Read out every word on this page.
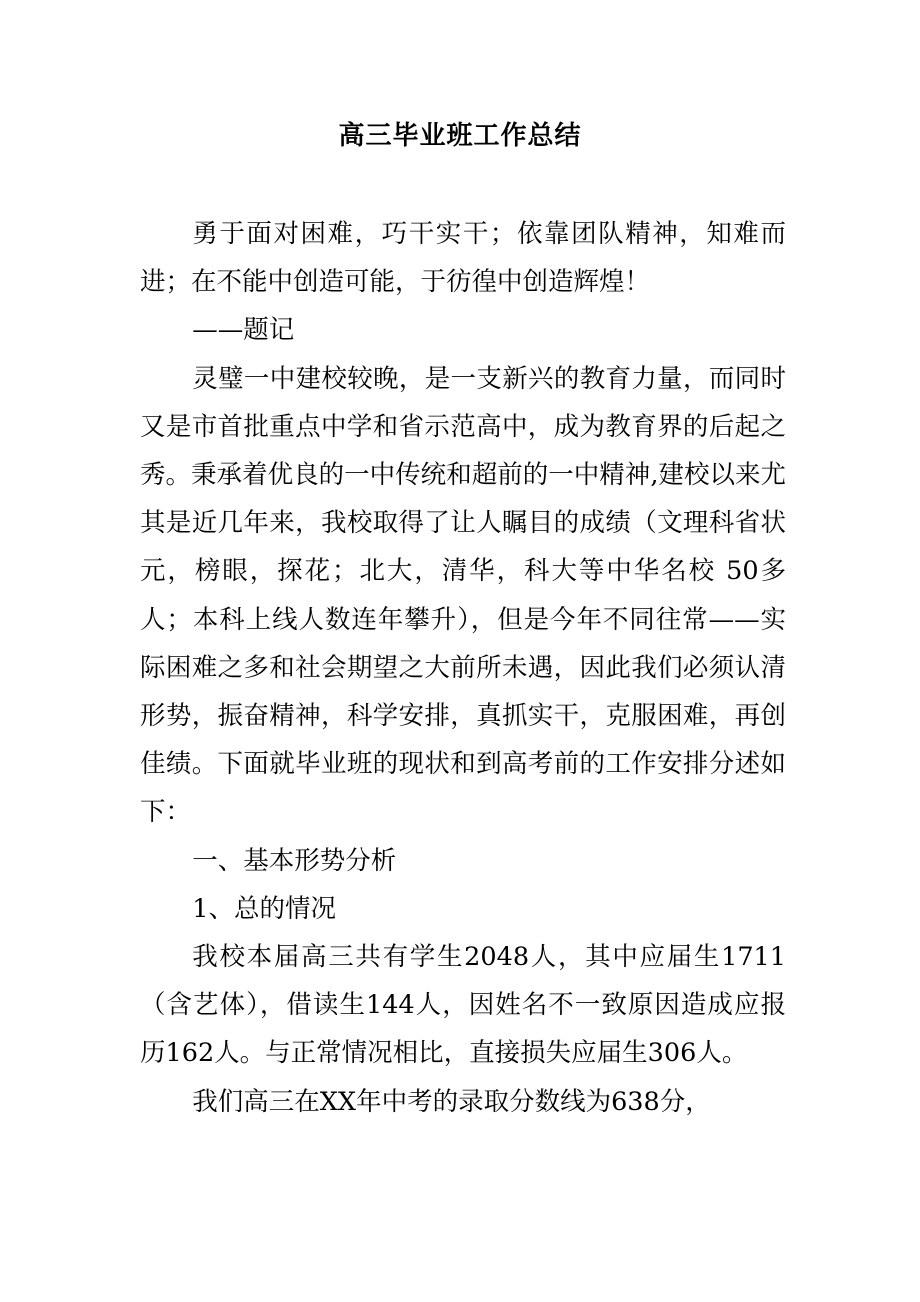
高三毕业班工作总结

勇于面对困难，巧干实干；依靠团队精神，知难而进；在不能中创造可能，于彷徨中创造辉煌！

——题记

灵璧一中建校较晚，是一支新兴的教育力量，而同时又是市首批重点中学和省示范高中，成为教育界的后起之秀。秉承着优良的一中传统和超前的一中精神,建校以来尤其是近几年来，我校取得了让人瞩目的成绩（文理科省状元，榜眼，探花；北大，清华，科大等中华名校 50多人；本科上线人数连年攀升），但是今年不同往常——实际困难之多和社会期望之大前所未遇，因此我们必须认清形势，振奋精神，科学安排，真抓实干，克服困难，再创佳绩。下面就毕业班的现状和到高考前的工作安排分述如下：

一、基本形势分析

1、总的情况

我校本届高三共有学生2048人，其中应届生1711（含艺体），借读生144人，因姓名不一致原因造成应报历162人。与正常情况相比，直接损失应届生306人。

我们高三在XX年中考的录取分数线为638分，
